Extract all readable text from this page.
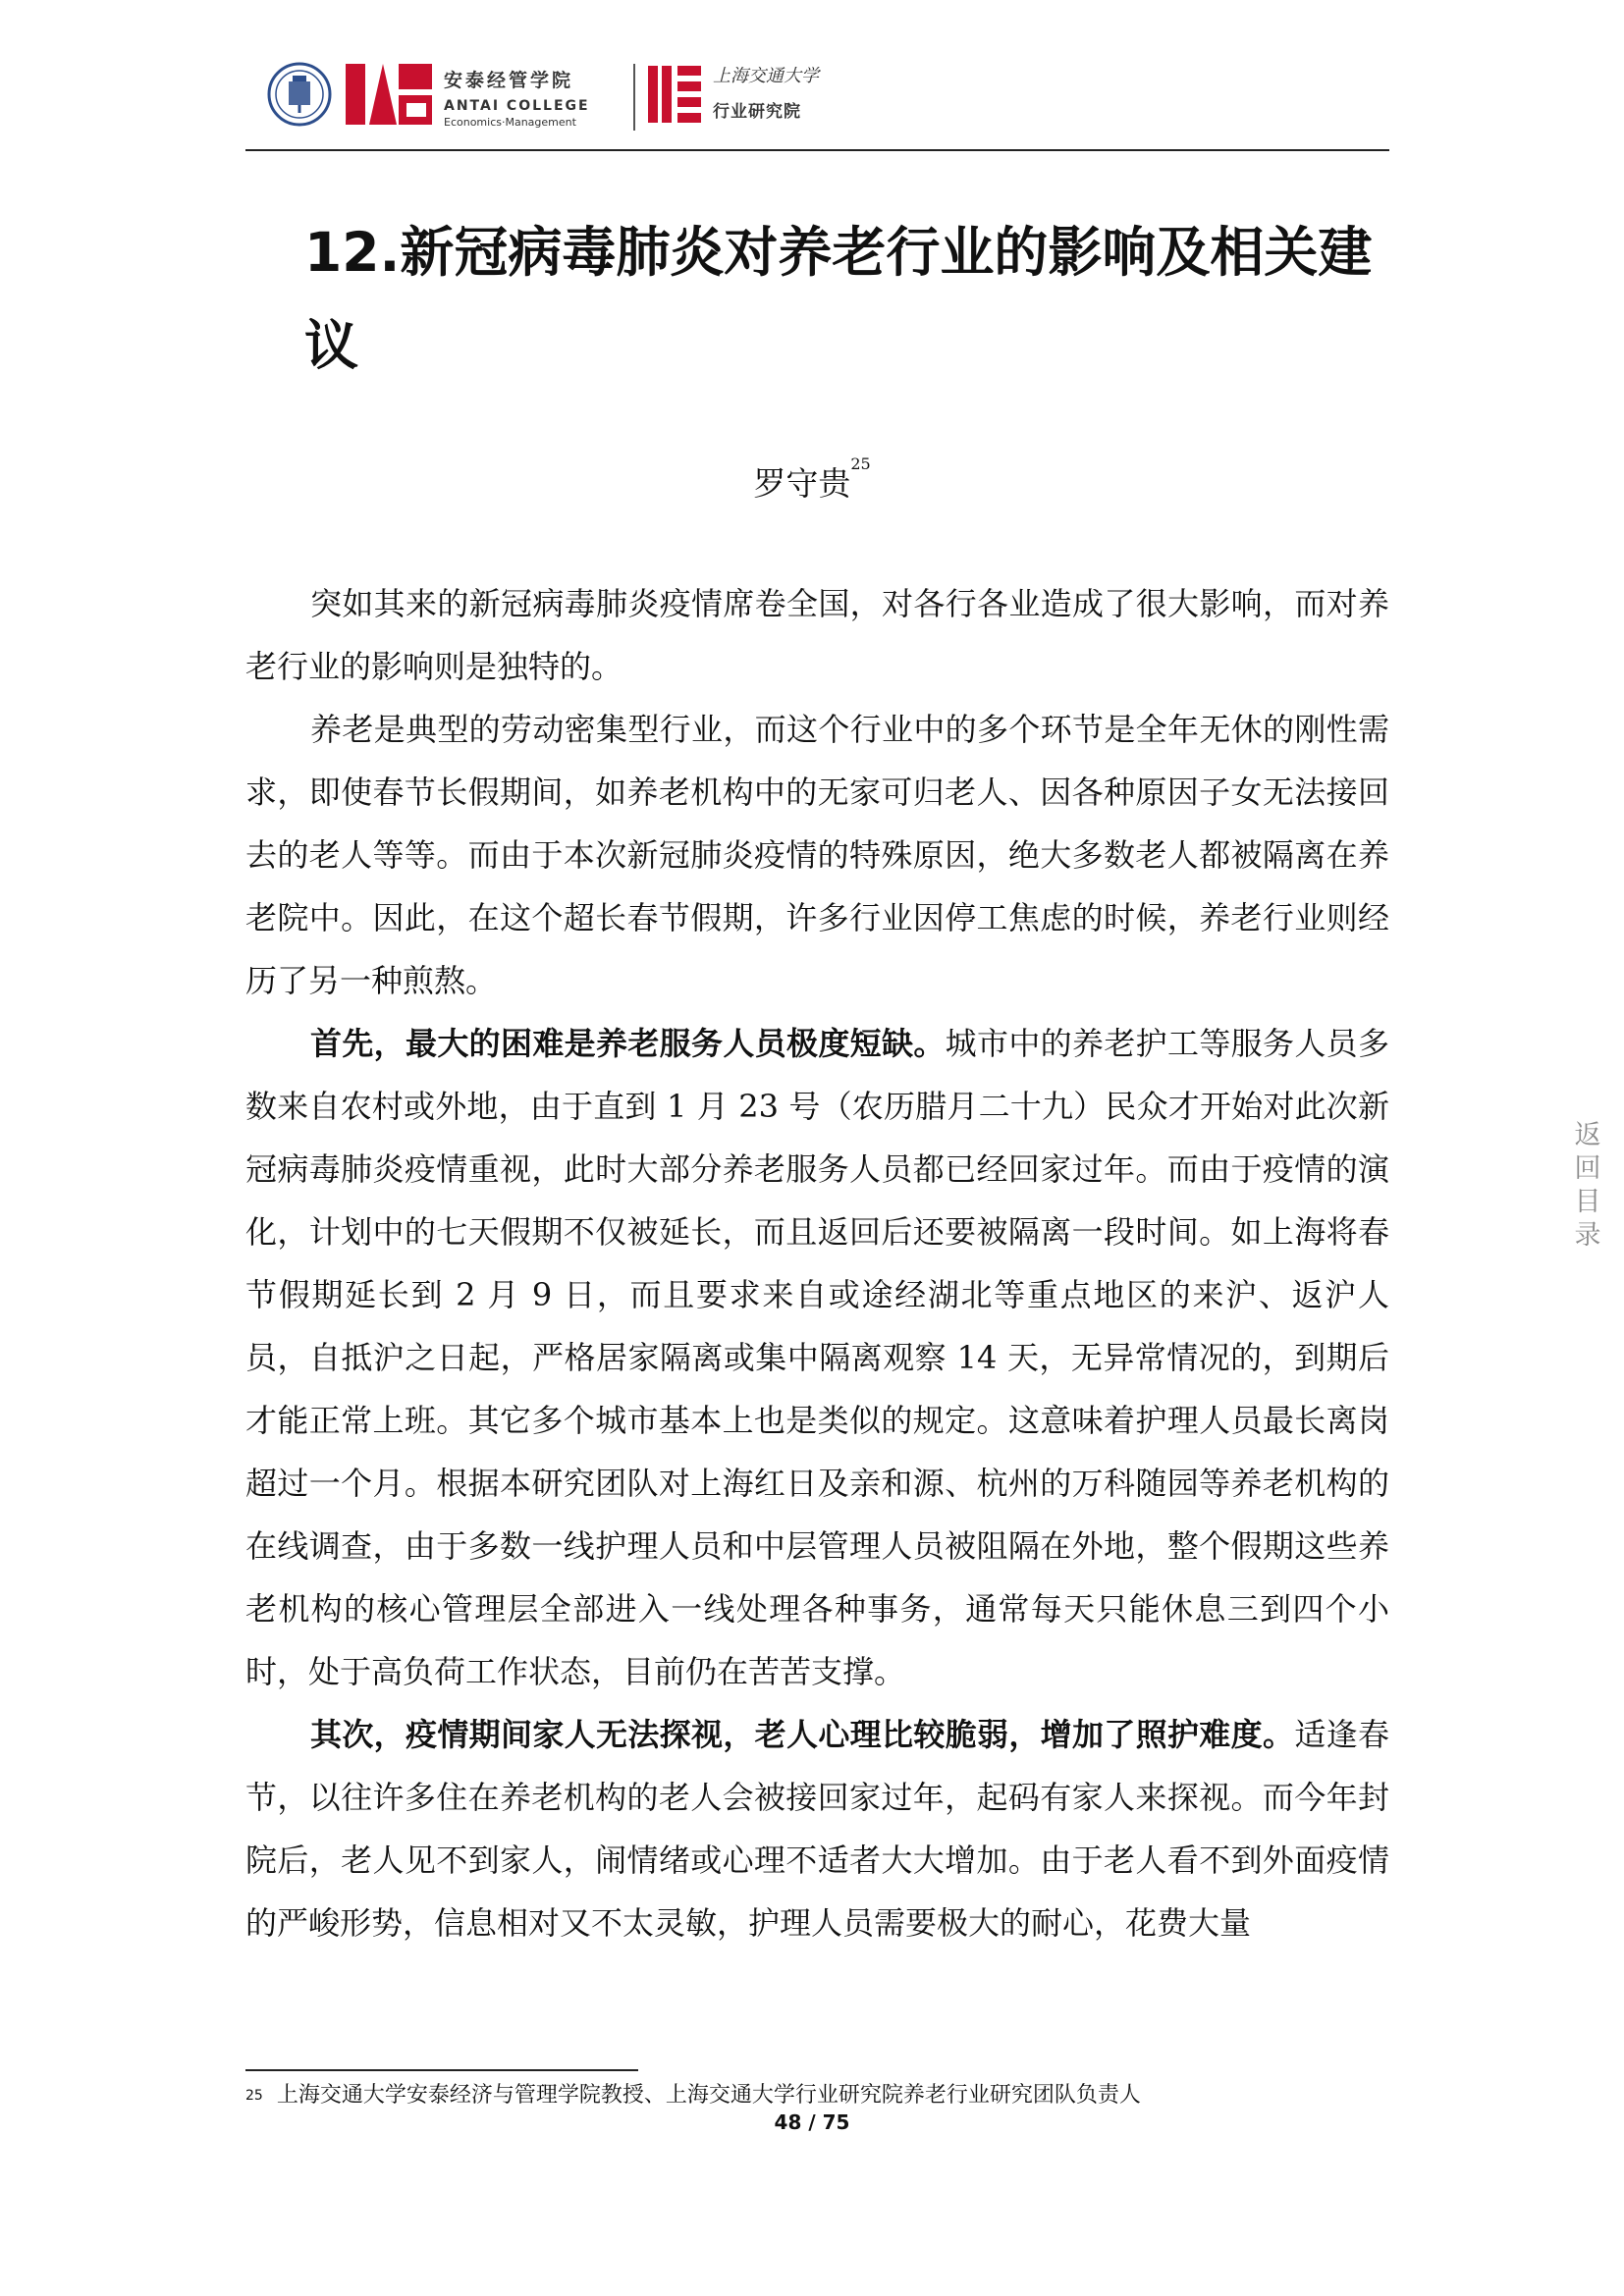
安泰经管学院
ANTAI COLLEGE
Economics·Management
上海交通大学
行业研究院
12.新冠病毒肺炎对养老行业的影响及相关建议
罗守贵$^{25}$

突如其来的新冠病毒肺炎疫情席卷全国，对各行各业造成了很大影响，而对养老行业的影响则是独特的。

养老是典型的劳动密集型行业，而这个行业中的多个环节是全年无休的刚性需求，即使春节长假期间，如养老机构中的无家可归老人、因各种原因子女无法接回去的老人等等。而由于本次新冠肺炎疫情的特殊原因，绝大多数老人都被隔离在养老院中。因此，在这个超长春节假期，许多行业因停工焦虑的时候，养老行业则经历了另一种煎熬。

首先，最大的困难是养老服务人员极度短缺。城市中的养老护工等服务人员多数来自农村或外地，由于直到 1 月 23 号（农历腊月二十九）民众才开始对此次新冠病毒肺炎疫情重视，此时大部分养老服务人员都已经回家过年。而由于疫情的演化，计划中的七天假期不仅被延长，而且返回后还要被隔离一段时间。如上海将春节假期延长到 2 月 9 日，而且要求来自或途经湖北等重点地区的来沪、返沪人员，自抵沪之日起，严格居家隔离或集中隔离观察 14 天，无异常情况的，到期后才能正常上班。其它多个城市基本上也是类似的规定。这意味着护理人员最长离岗超过一个月。根据本研究团队对上海红日及亲和源、杭州的万科随园等养老机构的在线调查，由于多数一线护理人员和中层管理人员被阻隔在外地，整个假期这些养老机构的核心管理层全部进入一线处理各种事务，通常每天只能休息三到四个小时，处于高负荷工作状态，目前仍在苦苦支撑。

其次，疫情期间家人无法探视，老人心理比较脆弱，增加了照护难度。适逢春节，以往许多住在养老机构的老人会被接回家过年，起码有家人来探视。而今年封院后，老人见不到家人，闹情绪或心理不适者大大增加。由于老人看不到外面疫情的严峻形势，信息相对又不太灵敏，护理人员需要极大的耐心，花费大量

返回目录
$^{25}$ 上海交通大学安泰经济与管理学院教授、上海交通大学行业研究院养老行业研究团队负责人
48 / 75
